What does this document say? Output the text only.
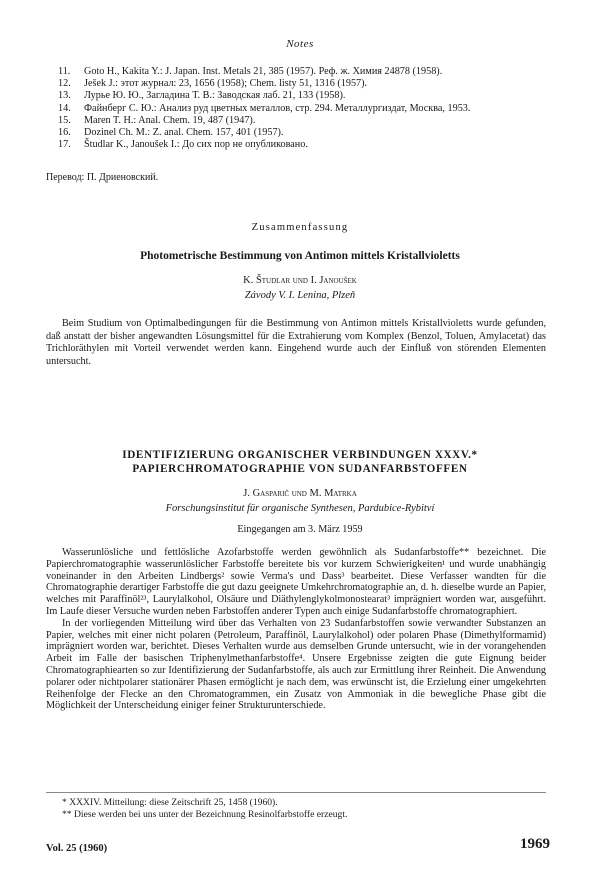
Notes
11.	Goto H., Kakita Y.: J. Japan. Inst. Metals 21, 385 (1957). Реф. ж. Химия 24878 (1958).
12.	Ješek J.: этот журнал: 23, 1656 (1958); Chem. listy 51, 1316 (1957).
13.	Лурье Ю. Ю., Загладина Т. В.: Заводская лаб. 21, 133 (1958).
14.	Файнберг С. Ю.: Анализ руд цветных металлов, стр. 294. Металлургиздат, Москва, 1953.
15.	Maren T. H.: Anal. Chem. 19, 487 (1947).
16.	Dozinel Ch. M.: Z. anal. Chem. 157, 401 (1957).
17.	Študlar K., Janoušek I.: До сих пор не опубликовано.
Перевод: П. Дриеновский.
Zusammenfassung
Photometrische Bestimmung von Antimon mittels Kristallvioletts
K. Študlar und I. Janoušek
Závody V. I. Lenina, Plzeň

Beim Studium von Optimalbedingungen für die Bestimmung von Antimon mittels Kristallvioletts wurde gefunden, daß anstatt der bisher angewandten Lösungsmittel für die Extrahierung vom Komplex (Benzol, Toluen, Amylacetat) das Trichloräthylen mit Vorteil verwendet werden kann. Eingehend wurde auch der Einfluß von störenden Elementen untersucht.

IDENTIFIZIERUNG ORGANISCHER VERBINDUNGEN XXXV.*
PAPIERCHROMATOGRAPHIE VON SUDANFARBSTOFFEN
J. Gasparič und M. Matrka
Forschungsinstitut für organische Synthesen, Pardubice-Rybitví
Eingegangen am 3. März 1959

Wasserunlösliche und fettlösliche Azofarbstoffe werden gewöhnlich als Sudanfarbstoffe** bezeichnet. Die Papierchromatographie wasserunlöslicher Farbstoffe bereitete bis vor kurzem Schwierigkeiten¹ und wurde unabhängig voneinander in den Arbeiten Lindbergs² sowie Verma's und Dass³ bearbeitet. Diese Verfasser wandten für die Chromatographie derartiger Farbstoffe die gut dazu geeignete Umkehrchromatographie an, d. h. dieselbe wurde an Papier, welches mit Paraffinöl²³, Laurylalkohol, Olsäure und Diäthylenglykolmonostearat³ imprägniert worden war, ausgeführt. Im Laufe dieser Versuche wurden neben Farbstoffen anderer Typen auch einige Sudanfarbstoffe chromatographiert.

In der vorliegenden Mitteilung wird über das Verhalten von 23 Sudanfarbstoffen sowie verwandter Substanzen an Papier, welches mit einer nicht polaren (Petroleum, Paraffinöl, Laurylalkohol) oder polaren Phase (Dimethylformamid) imprägniert worden war, berichtet. Dieses Verhalten wurde aus demselben Grunde untersucht, wie in der vorangehenden Arbeit im Falle der basischen Triphenylmethanfarbstoffe⁴. Unsere Ergebnisse zeigten die gute Eignung beider Chromatographiearten so zur Identifizierung der Sudanfarbstoffe, als auch zur Ermittlung ihrer Reinheit. Die Anwendung polarer oder nichtpolarer stationärer Phasen ermöglicht je nach dem, was erwünscht ist, die Erzielung einer umgekehrten Reihenfolge der Flecke an den Chromatogrammen, ein Zusatz von Ammoniak in die bewegliche Phase gibt die Möglichkeit der Unterscheidung einiger feiner Strukturunterschiede.

* XXXIV. Mitteilung: diese Zeitschrift 25, 1458 (1960).
** Diese werden bei uns unter der Bezeichnung Resinolfarbstoffe erzeugt.
Vol. 25 (1960)	1969
